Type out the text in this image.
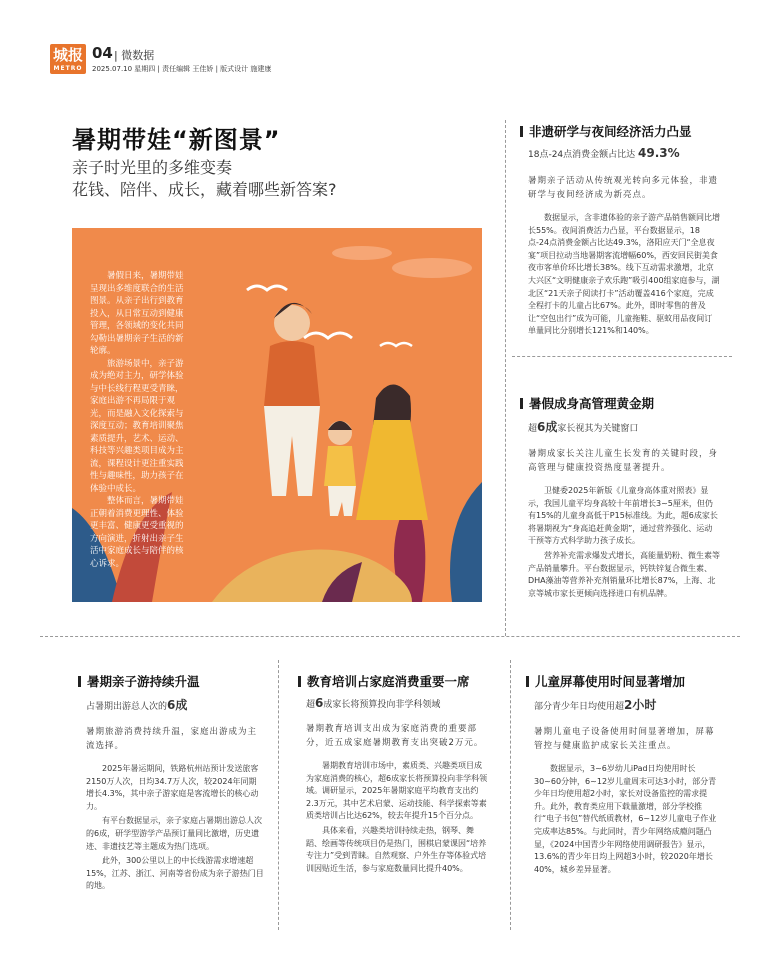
城报
METRO
04 | 微数据
2025.07.10 星期四 | 责任编辑 王佳娇 | 版式设计 施建康
暑期带娃“新图景”
亲子时光里的多维变奏
花钱、陪伴、成长，藏着哪些新答案?

暑假日来，暑期带娃呈现出多维度联合的生活图景。从亲子出行到教育投入，从日常互动到健康管理，各领域的变化共同勾勒出暑期亲子生活的新轮廓。

旅游场景中，亲子游成为绝对主力，研学体验与中长线行程更受青睐，家庭出游不再局限于观光，而是融入文化探索与深度互动；教育培训聚焦素质提升，艺术、运动、科技等兴趣类项目成为主流，课程设计更注重实践性与趣味性，助力孩子在体验中成长。

整体而言，暑期带娃正朝着消费更理性、体验更丰富、健康更受重视的方向演进，折射出亲子生活中家庭成长与陪伴的核心诉求。

非遗研学与夜间经济活力凸显
18点-24点消费金额占比达 49.3%
暑期亲子活动从传统观光转向多元体验，非遗研学与夜间经济成为新亮点。

数据显示，含非遗体验的亲子游产品销售额同比增长55%。夜间消费活力凸显，平台数据显示，18点-24点消费金额占比达49.3%，洛阳应天门“全息夜宴”项目拉动当地暑期客流增幅60%，西安回民街美食夜市客单价环比增长38%。线下互动需求激增，北京大兴区“文明健康亲子欢乐跑”吸引400组家庭参与，湖北区“21天亲子阅读打卡”活动覆盖416个家庭，完成全程打卡的儿童占比67%。此外，即时零售的普及让“空包出行”成为可能，儿童拖鞋、驱蚊用品夜间订单量同比分别增长121%和140%。

暑假成身高管理黄金期
超6成家长视其为关键窗口
暑期成家长关注儿童生长发育的关键时段，身高管理与健康投资热度显著提升。

卫健委2025年新版《儿童身高体重对照表》显示，我国儿童平均身高较十年前增长3~5厘米，但仍有15%的儿童身高低于P15标准线。为此，超6成家长将暑期视为“身高追赶黄金期”，通过营养强化、运动干预等方式科学助力孩子成长。

营养补充需求爆发式增长，高能量奶粉、微生素等产品销量攀升。平台数据显示，钙铁锌复合微生素、DHA藻油等营养补充剂销量环比增长87%，上海、北京等城市家长更倾向选择进口有机品牌。

暑期亲子游持续升温
占暑期出游总人次的6成
暑期旅游消费持续升温，家庭出游成为主流选择。

2025年暑运期间，铁路杭州站预计发送旅客2150万人次，日均34.7万人次，较2024年同期增长4.3%，其中亲子游家庭是客流增长的核心动力。

有平台数据显示，亲子家庭占暑期出游总人次的6成，研学型游学产品预订量同比激增，历史遗迹、非遗技艺等主题成为热门选项。

此外，300公里以上的中长线游需求增速超15%，江苏、浙江、河南等省份成为亲子游热门目的地。

教育培训占家庭消费重要一席
超6成家长将预算投向非学科领域
暑期教育培训支出成为家庭消费的重要部分，近五成家庭暑期教育支出突破2万元。

暑期教育培训市场中，素质类、兴趣类项目成为家庭消费的核心，超6成家长将预算投向非学科领域。调研显示，2025年暑期家庭平均教育支出约2.3万元，其中艺术启蒙、运动技能、科学探索等素质类培训占比达62%，较去年提升15个百分点。

具体来看，兴趣类培训持续走热，钢琴、舞蹈、绘画等传统项目仍是热门，围棋启蒙课因“培养专注力”受到青睐。自然观察、户外生存等体验式培训因贴近生活，参与家庭数量同比提升40%。

儿童屏幕使用时间显著增加
部分青少年日均使用超2小时
暑期儿童电子设备使用时间显著增加，屏幕管控与健康监护成家长关注重点。

数据显示，3~6岁幼儿iPad日均使用时长30~60分钟，6~12岁儿童周末可达3小时，部分青少年日均使用超2小时，家长对设备监控的需求提升。此外，教育类应用下载量激增，部分学校推行“电子书包”替代纸质教材，6~12岁儿童电子作业完成率达85%。与此同时，青少年网络成瘾问题凸显，《2024中国青少年网络使用调研报告》显示，13.6%的青少年日均上网超3小时，较2020年增长40%，城乡差异显著。
